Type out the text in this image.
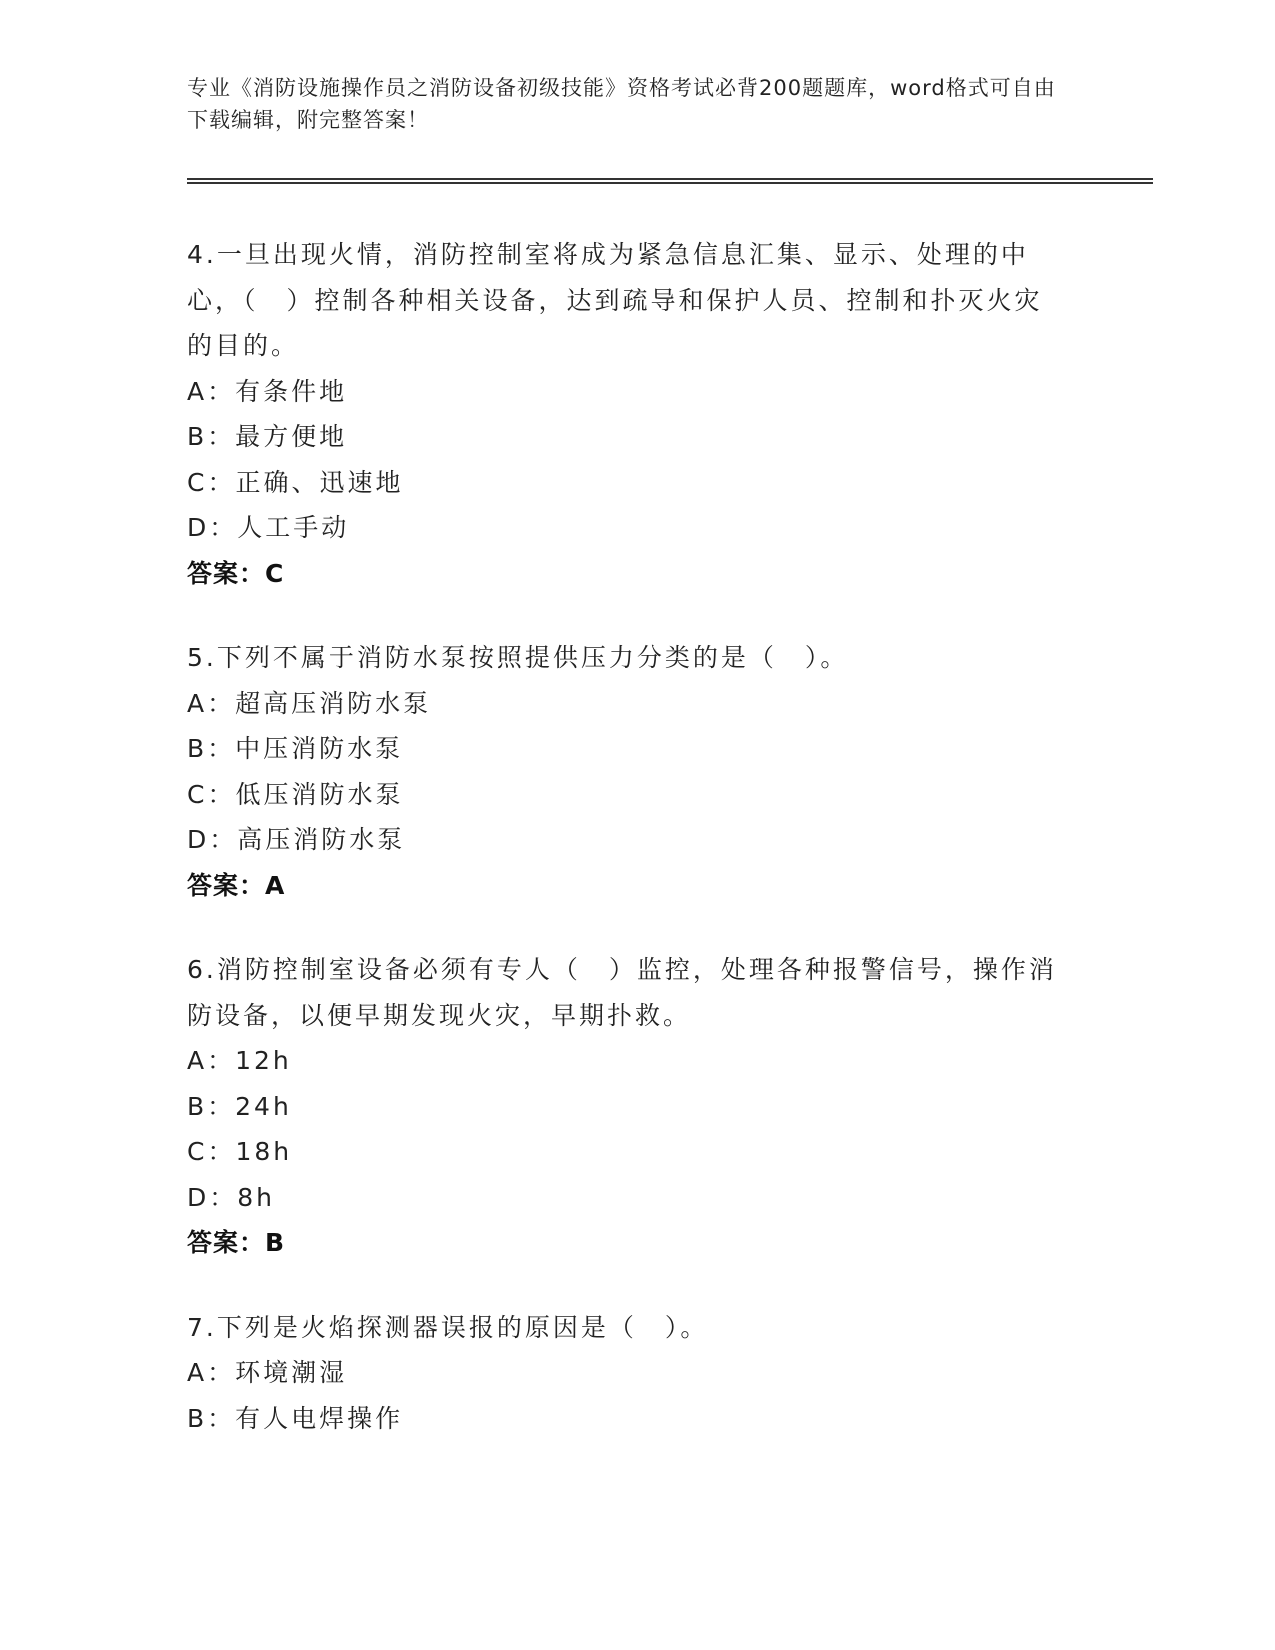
专业《消防设施操作员之消防设备初级技能》资格考试必背200题题库，word格式可自由下载编辑，附完整答案！
4.一旦出现火情，消防控制室将成为紧急信息汇集、显示、处理的中心，（　）控制各种相关设备，达到疏导和保护人员、控制和扑灭火灾的目的。
A：有条件地
B：最方便地
C：正确、迅速地
D：人工手动
答案：C
5.下列不属于消防水泵按照提供压力分类的是（　）。
A：超高压消防水泵
B：中压消防水泵
C：低压消防水泵
D：高压消防水泵
答案：A
6.消防控制室设备必须有专人（　）监控，处理各种报警信号，操作消防设备，以便早期发现火灾，早期扑救。
A：12h
B：24h
C：18h
D：8h
答案：B
7.下列是火焰探测器误报的原因是（　）。
A：环境潮湿
B：有人电焊操作
